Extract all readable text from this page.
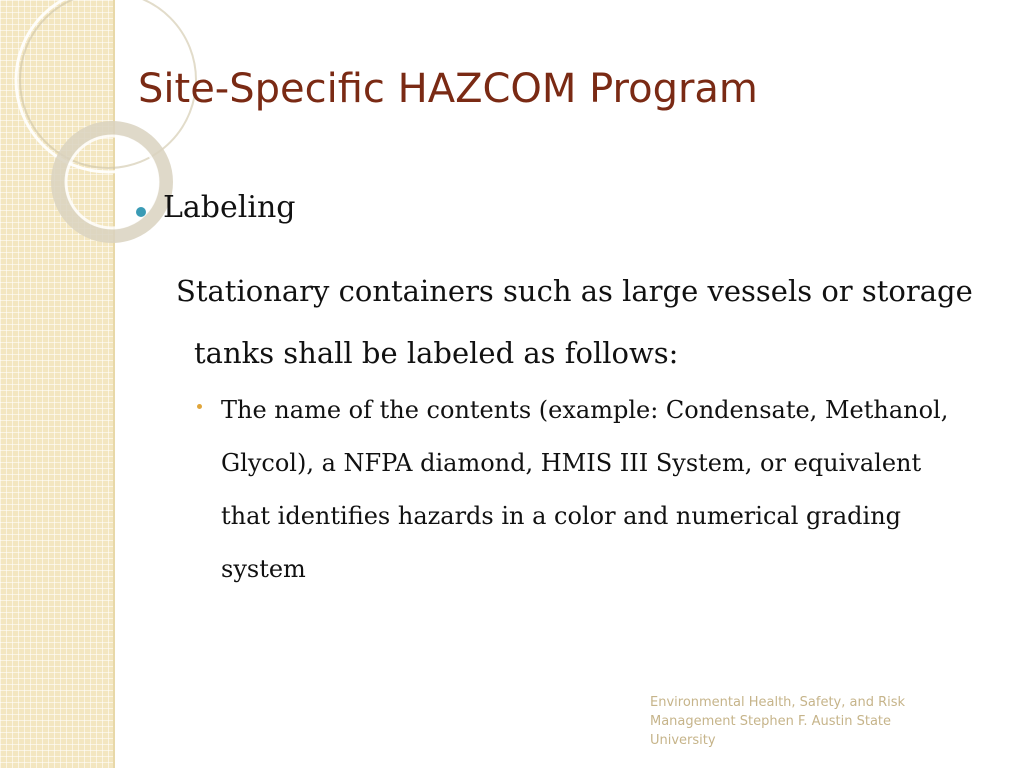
Site-Specific HAZCOM Program
Labeling

Stationary containers such as large vessels or storage tanks shall be labeled as follows:

The name of the contents (example: Condensate, Methanol, Glycol), a NFPA diamond, HMIS III System, or equivalent that identifies hazards in a color and numerical grading system

Environmental Health, Safety, and Risk Management Stephen F. Austin State University
